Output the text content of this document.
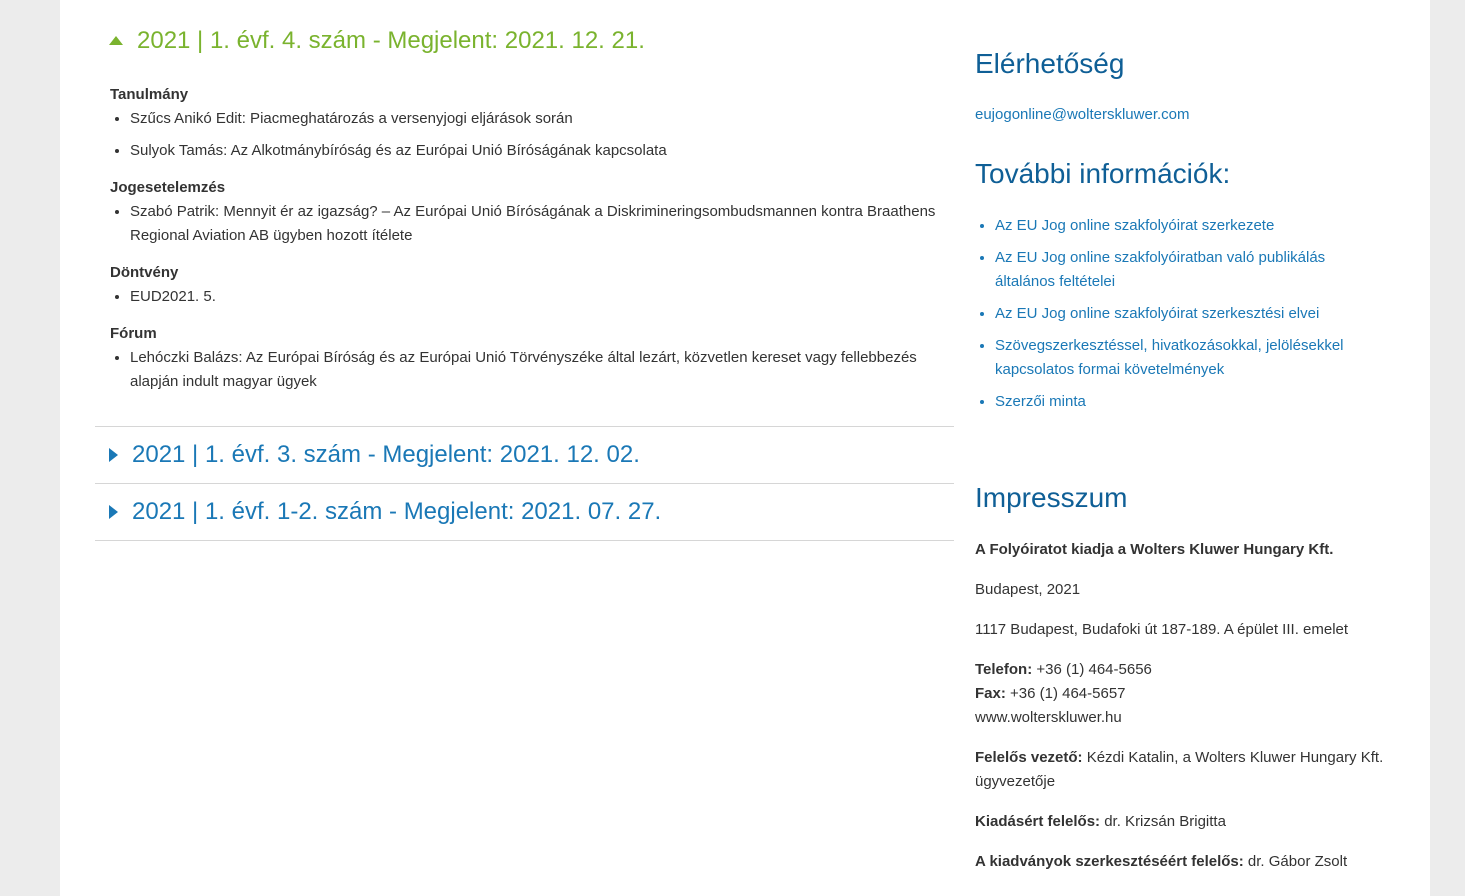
2021 | 1. évf. 4. szám - Megjelent: 2021. 12. 21.
Tanulmány
• Szűcs Anikó Edit: Piacmeghatározás a versenyjogi eljárások során
• Sulyok Tamás: Az Alkotmánybíróság és az Európai Unió Bíróságának kapcsolata
Jogesetelemzés
• Szabó Patrik: Mennyit ér az igazság? – Az Európai Unió Bíróságának a Diskrimineringsombudsmannen kontra Braathens Regional Aviation AB ügyben hozott ítélete
Döntvény
• EUD2021. 5.
Fórum
• Lehóczki Balázs: Az Európai Bíróság és az Európai Unió Törvényszéke által lezárt, közvetlen kereset vagy fellebbezés alapján indult magyar ügyek
2021 | 1. évf. 3. szám - Megjelent: 2021. 12. 02.
2021 | 1. évf. 1-2. szám - Megjelent: 2021. 07. 27.
Elérhetőség
eujogonline@wolterskluwer.com
További információk:
• Az EU Jog online szakfolyóirat szerkezete
• Az EU Jog online szakfolyóiratban való publikálás általános feltételei
• Az EU Jog online szakfolyóirat szerkesztési elvei
• Szövegszerkesztéssel, hivatkozásokkal, jelölésekkel kapcsolatos formai követelmények
• Szerzői minta
Impresszum

A Folyóiratot kiadja a Wolters Kluwer Hungary Kft.

Budapest, 2021

1117 Budapest, Budafoki út 187-189. A épület III. emelet

Telefon: +36 (1) 464-5656

Fax: +36 (1) 464-5657

www.wolterskluwer.hu

Felelős vezető: Kézdi Katalin, a Wolters Kluwer Hungary Kft. ügyvezetője

Kiadásért felelős: dr. Krizsán Brigitta

A kiadványok szerkesztéséért felelős: dr. Gábor Zsolt
